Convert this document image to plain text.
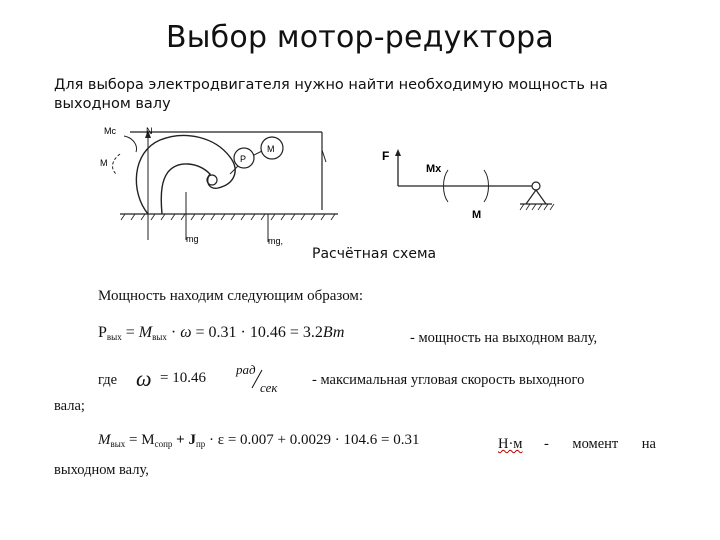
Выбор мотор-редуктора
Для выбора электродвигателя нужно найти необходимую мощность на выходном валу
Mс	N
M	P
M
mg	mg,
F
Mх
M
Расчётная схема
Мощность находим следующим образом:
$P_{вых} = M_{вых} \cdot \omega = 0.31 \cdot 10.46 = 3.2Вт$	- мощность на выходном валу,
где ω = 10.46
рад
сек - максимальная угловая скорость выходного
вала;
$M_{вых} = M_{сопр} + J_{пр} \cdot \varepsilon = 0.007 + 0.0029 \cdot 104.6 = 0.31$	Н·м - момент на
выходном валу,
